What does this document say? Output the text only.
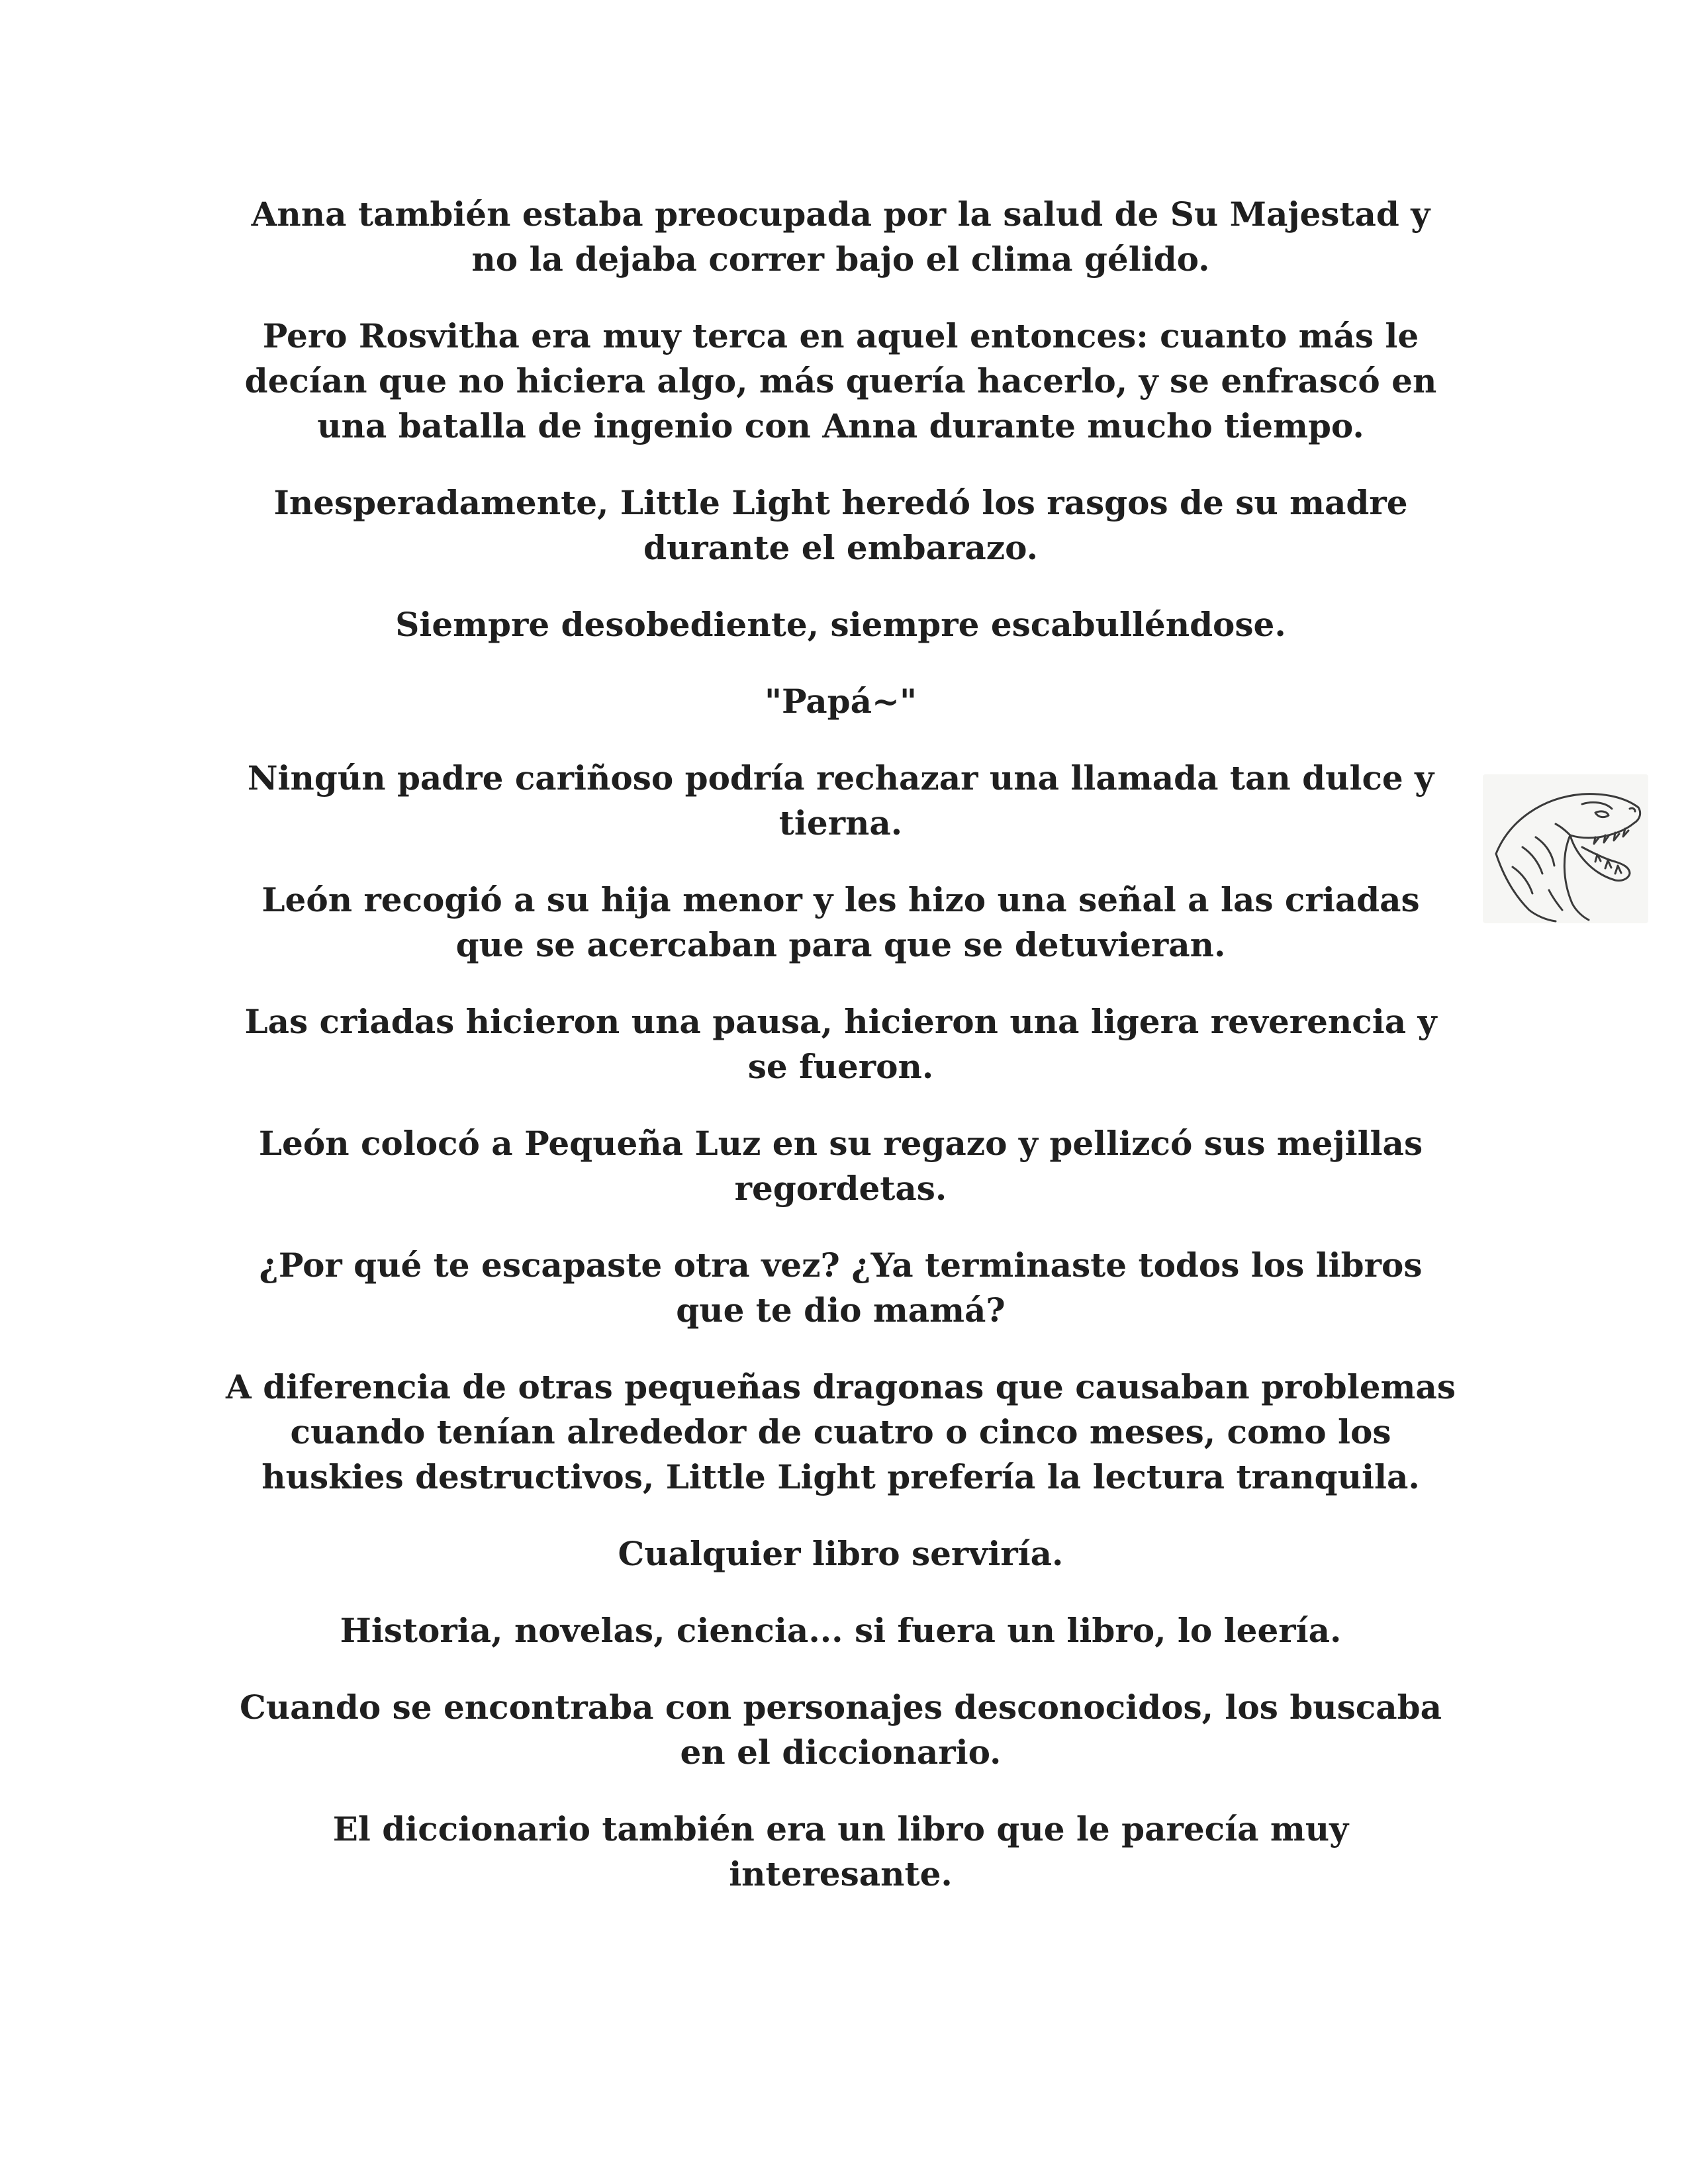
Anna también estaba preocupada por la salud de Su Majestad y no la dejaba correr bajo el clima gélido.

Pero Rosvitha era muy terca en aquel entonces: cuanto más le decían que no hiciera algo, más quería hacerlo, y se enfrascó en una batalla de ingenio con Anna durante mucho tiempo.

Inesperadamente, Little Light heredó los rasgos de su madre durante el embarazo.

Siempre desobediente, siempre escabulléndose.

"Papá~"

Ningún padre cariñoso podría rechazar una llamada tan dulce y tierna.

León recogió a su hija menor y les hizo una señal a las criadas que se acercaban para que se detuvieran.

Las criadas hicieron una pausa, hicieron una ligera reverencia y se fueron.

León colocó a Pequeña Luz en su regazo y pellizcó sus mejillas regordetas.

¿Por qué te escapaste otra vez? ¿Ya terminaste todos los libros que te dio mamá?

A diferencia de otras pequeñas dragonas que causaban problemas cuando tenían alrededor de cuatro o cinco meses, como los huskies destructivos, Little Light prefería la lectura tranquila.

Cualquier libro serviría.

Historia, novelas, ciencia... si fuera un libro, lo leería.

Cuando se encontraba con personajes desconocidos, los buscaba en el diccionario.

El diccionario también era un libro que le parecía muy interesante.
